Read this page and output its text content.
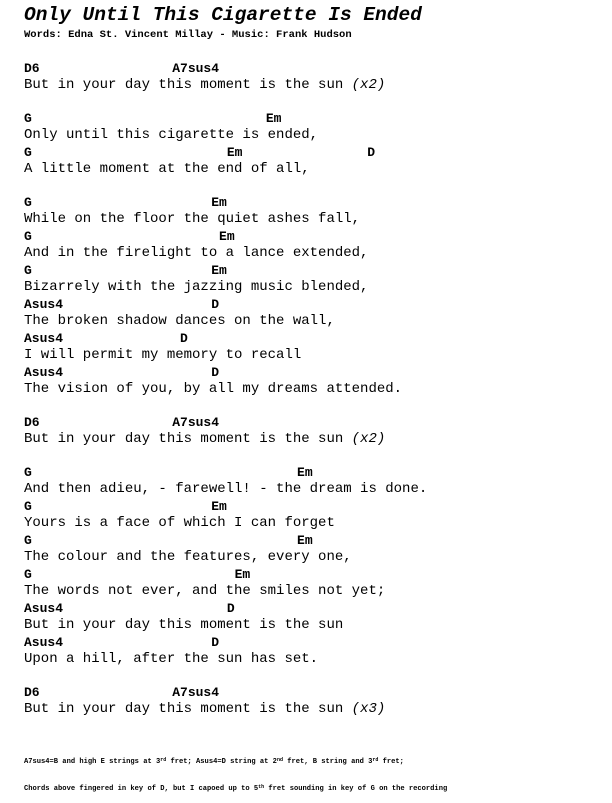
Only Until This Cigarette Is Ended
Words: Edna St. Vincent Millay - Music: Frank Hudson
D6                 A7sus4
But in your day this moment is the sun (x2)
G                              Em
Only until this cigarette is ended,
G                         Em                D
A little moment at the end of all,
G                       Em
While on the floor the quiet ashes fall,
G                        Em
And in the firelight to a lance extended,
G                       Em
Bizarrely with the jazzing music blended,
Asus4                   D
The broken shadow dances on the wall,
Asus4               D
I will permit my memory to recall
Asus4                   D
The vision of you, by all my dreams attended.
D6                 A7sus4
But in your day this moment is the sun (x2)
G                                  Em
And then adieu, - farewell! - the dream is done.
G                       Em
Yours is a face of which I can forget
G                                  Em
The colour and the features, every one,
G                          Em
The words not ever, and the smiles not yet;
Asus4                     D
But in your day this moment is the sun
Asus4                   D
Upon a hill, after the sun has set.
D6                 A7sus4
But in your day this moment is the sun (x3)

A7sus4=B and high E strings at 3rd fret; Asus4=D string at 2nd fret, B string and 3rd fret;

Chords above fingered in key of D, but I capoed up to 5th fret sounding in key of G on the recording
